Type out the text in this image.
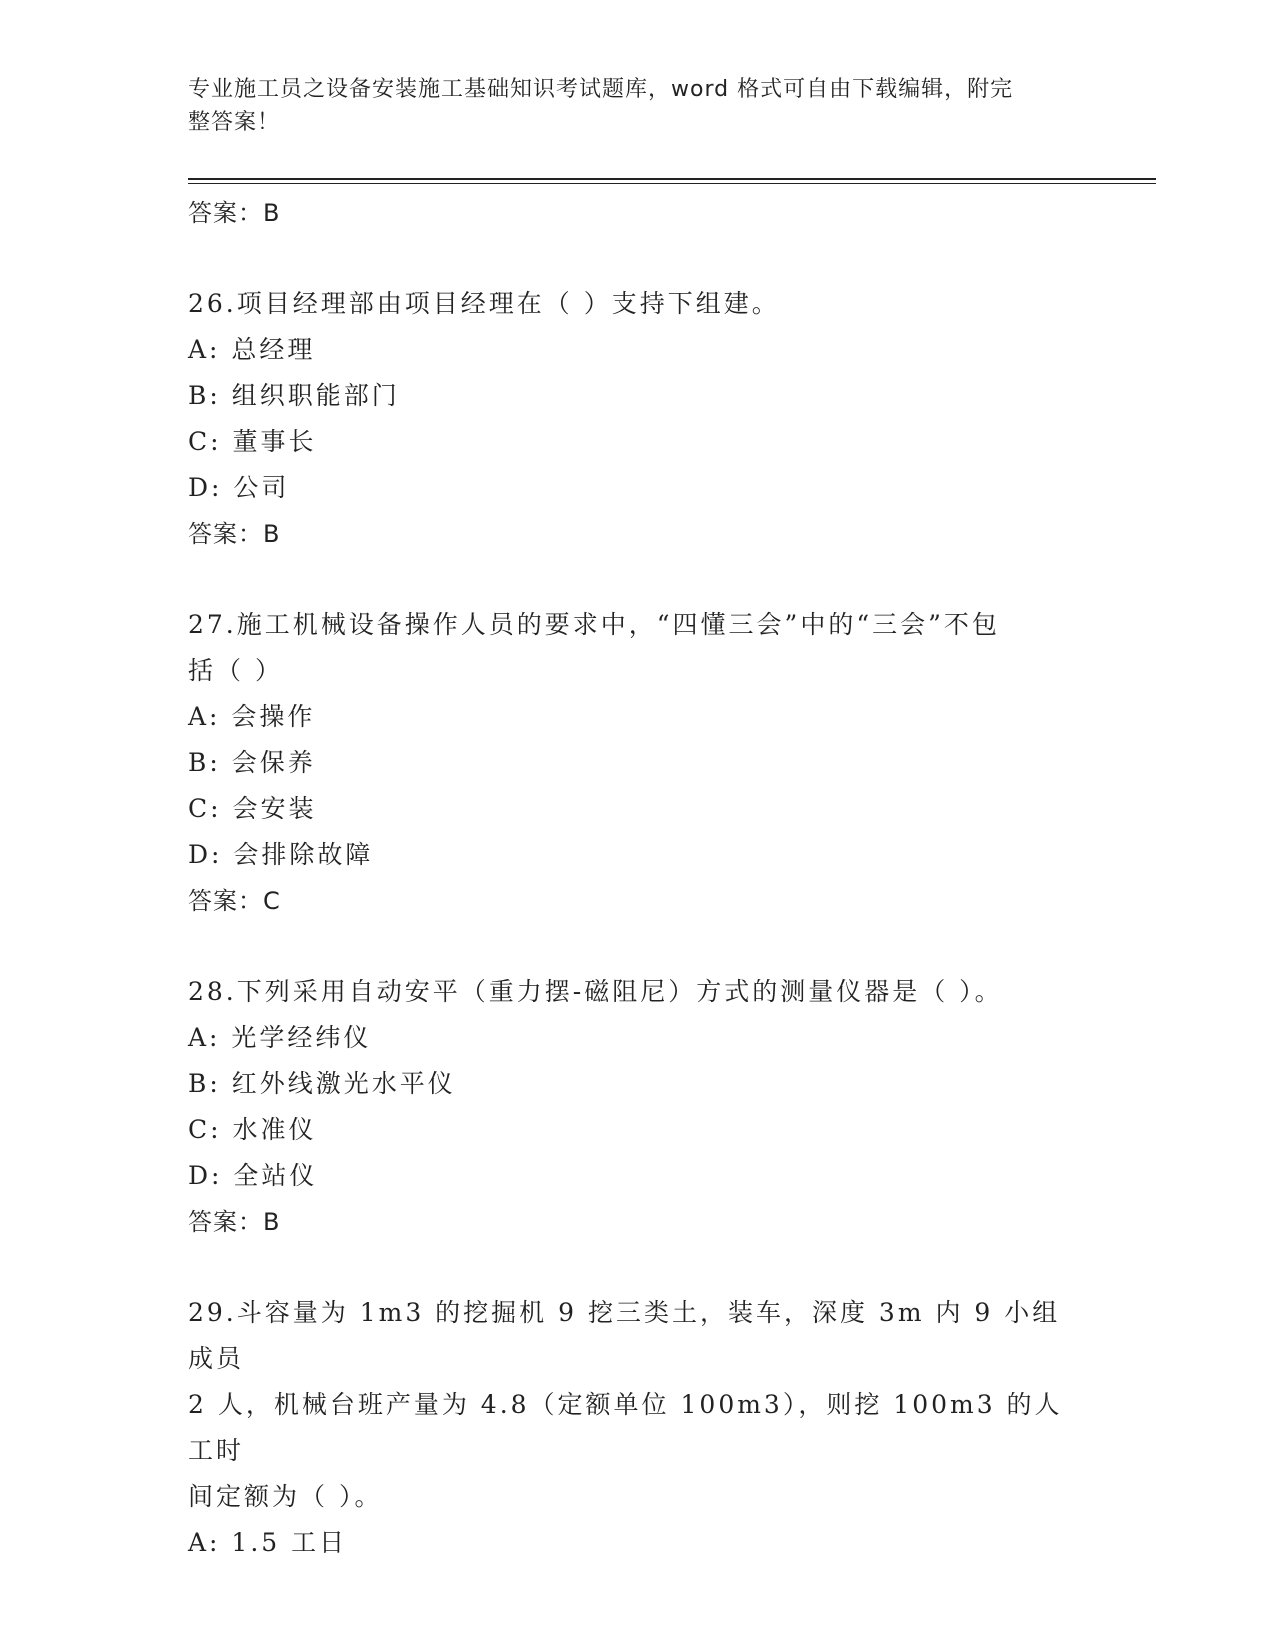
专业施工员之设备安装施工基础知识考试题库，word 格式可自由下载编辑，附完
整答案！
答案：B
26.项目经理部由项目经理在（ ）支持下组建。
A: 总经理
B: 组织职能部门
C: 董事长
D: 公司
答案：B
27.施工机械设备操作人员的要求中，“四懂三会”中的“三会”不包
括（ ）
A: 会操作
B: 会保养
C: 会安装
D: 会排除故障
答案：C
28.下列采用自动安平（重力摆-磁阻尼）方式的测量仪器是（ ）。
A: 光学经纬仪
B: 红外线激光水平仪
C: 水准仪
D: 全站仪
答案：B
29.斗容量为 1m3 的挖掘机 9 挖三类土，装车，深度 3m 内 9 小组成员
2 人，机械台班产量为 4.8（定额单位 100m3），则挖 100m3 的人工时
间定额为（ ）。
A: 1.5 工日
